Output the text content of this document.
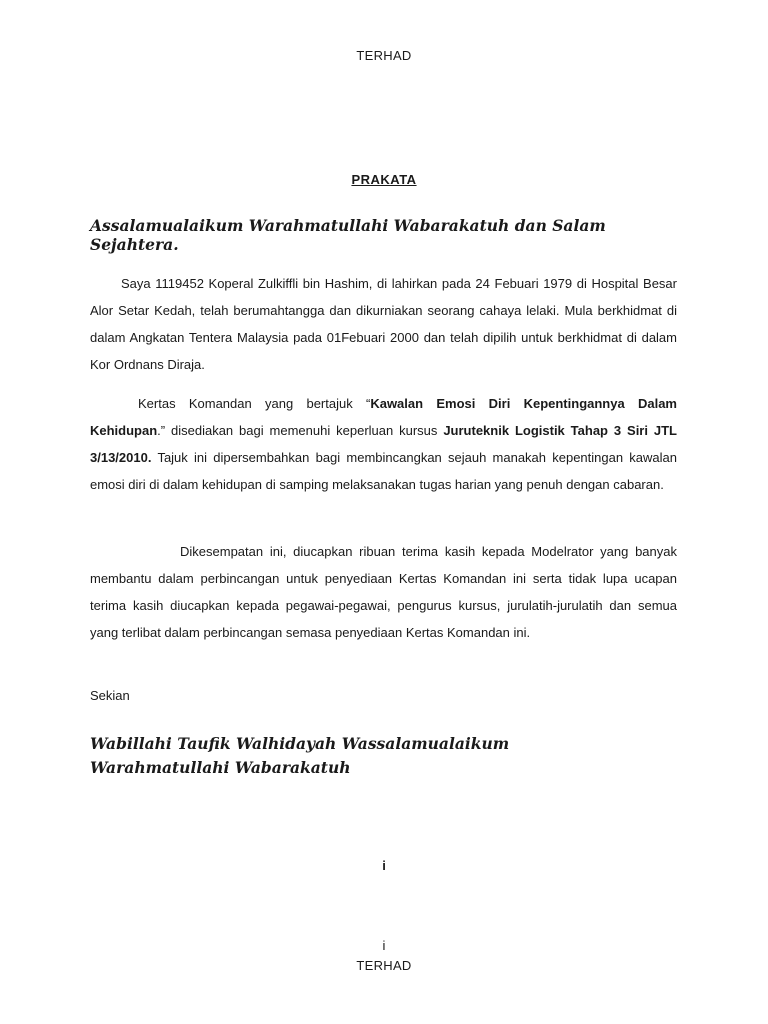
TERHAD
PRAKATA
Assalamualaikum Warahmatullahi Wabarakatuh dan Salam Sejahtera.
Saya 1119452 Koperal Zulkiffli bin Hashim, di lahirkan pada 24 Febuari 1979 di Hospital Besar Alor Setar Kedah, telah berumahtangga dan dikurniakan seorang cahaya lelaki. Mula berkhidmat di dalam Angkatan Tentera Malaysia pada 01Febuari 2000 dan telah dipilih untuk berkhidmat di dalam Kor Ordnans Diraja.
Kertas Komandan yang bertajuk “Kawalan Emosi Diri Kepentingannya Dalam Kehidupan.” disediakan bagi memenuhi keperluan kursus Juruteknik Logistik Tahap 3 Siri JTL 3/13/2010. Tajuk ini dipersembahkan bagi membincangkan sejauh manakah kepentingan kawalan emosi diri di dalam kehidupan di samping melaksanakan tugas harian yang penuh dengan cabaran.
Dikesempatan ini, diucapkan ribuan terima kasih kepada Modelrator yang banyak membantu dalam perbincangan untuk penyediaan Kertas Komandan ini serta tidak lupa ucapan terima kasih diucapkan kepada pegawai-pegawai, pengurus kursus, jurulatih-jurulatih dan semua yang terlibat dalam perbincangan semasa penyediaan Kertas Komandan ini.
Sekian
Wabillahi Taufik Walhidayah Wassalamualaikum Warahmatullahi Wabarakatuh
i
i
TERHAD
